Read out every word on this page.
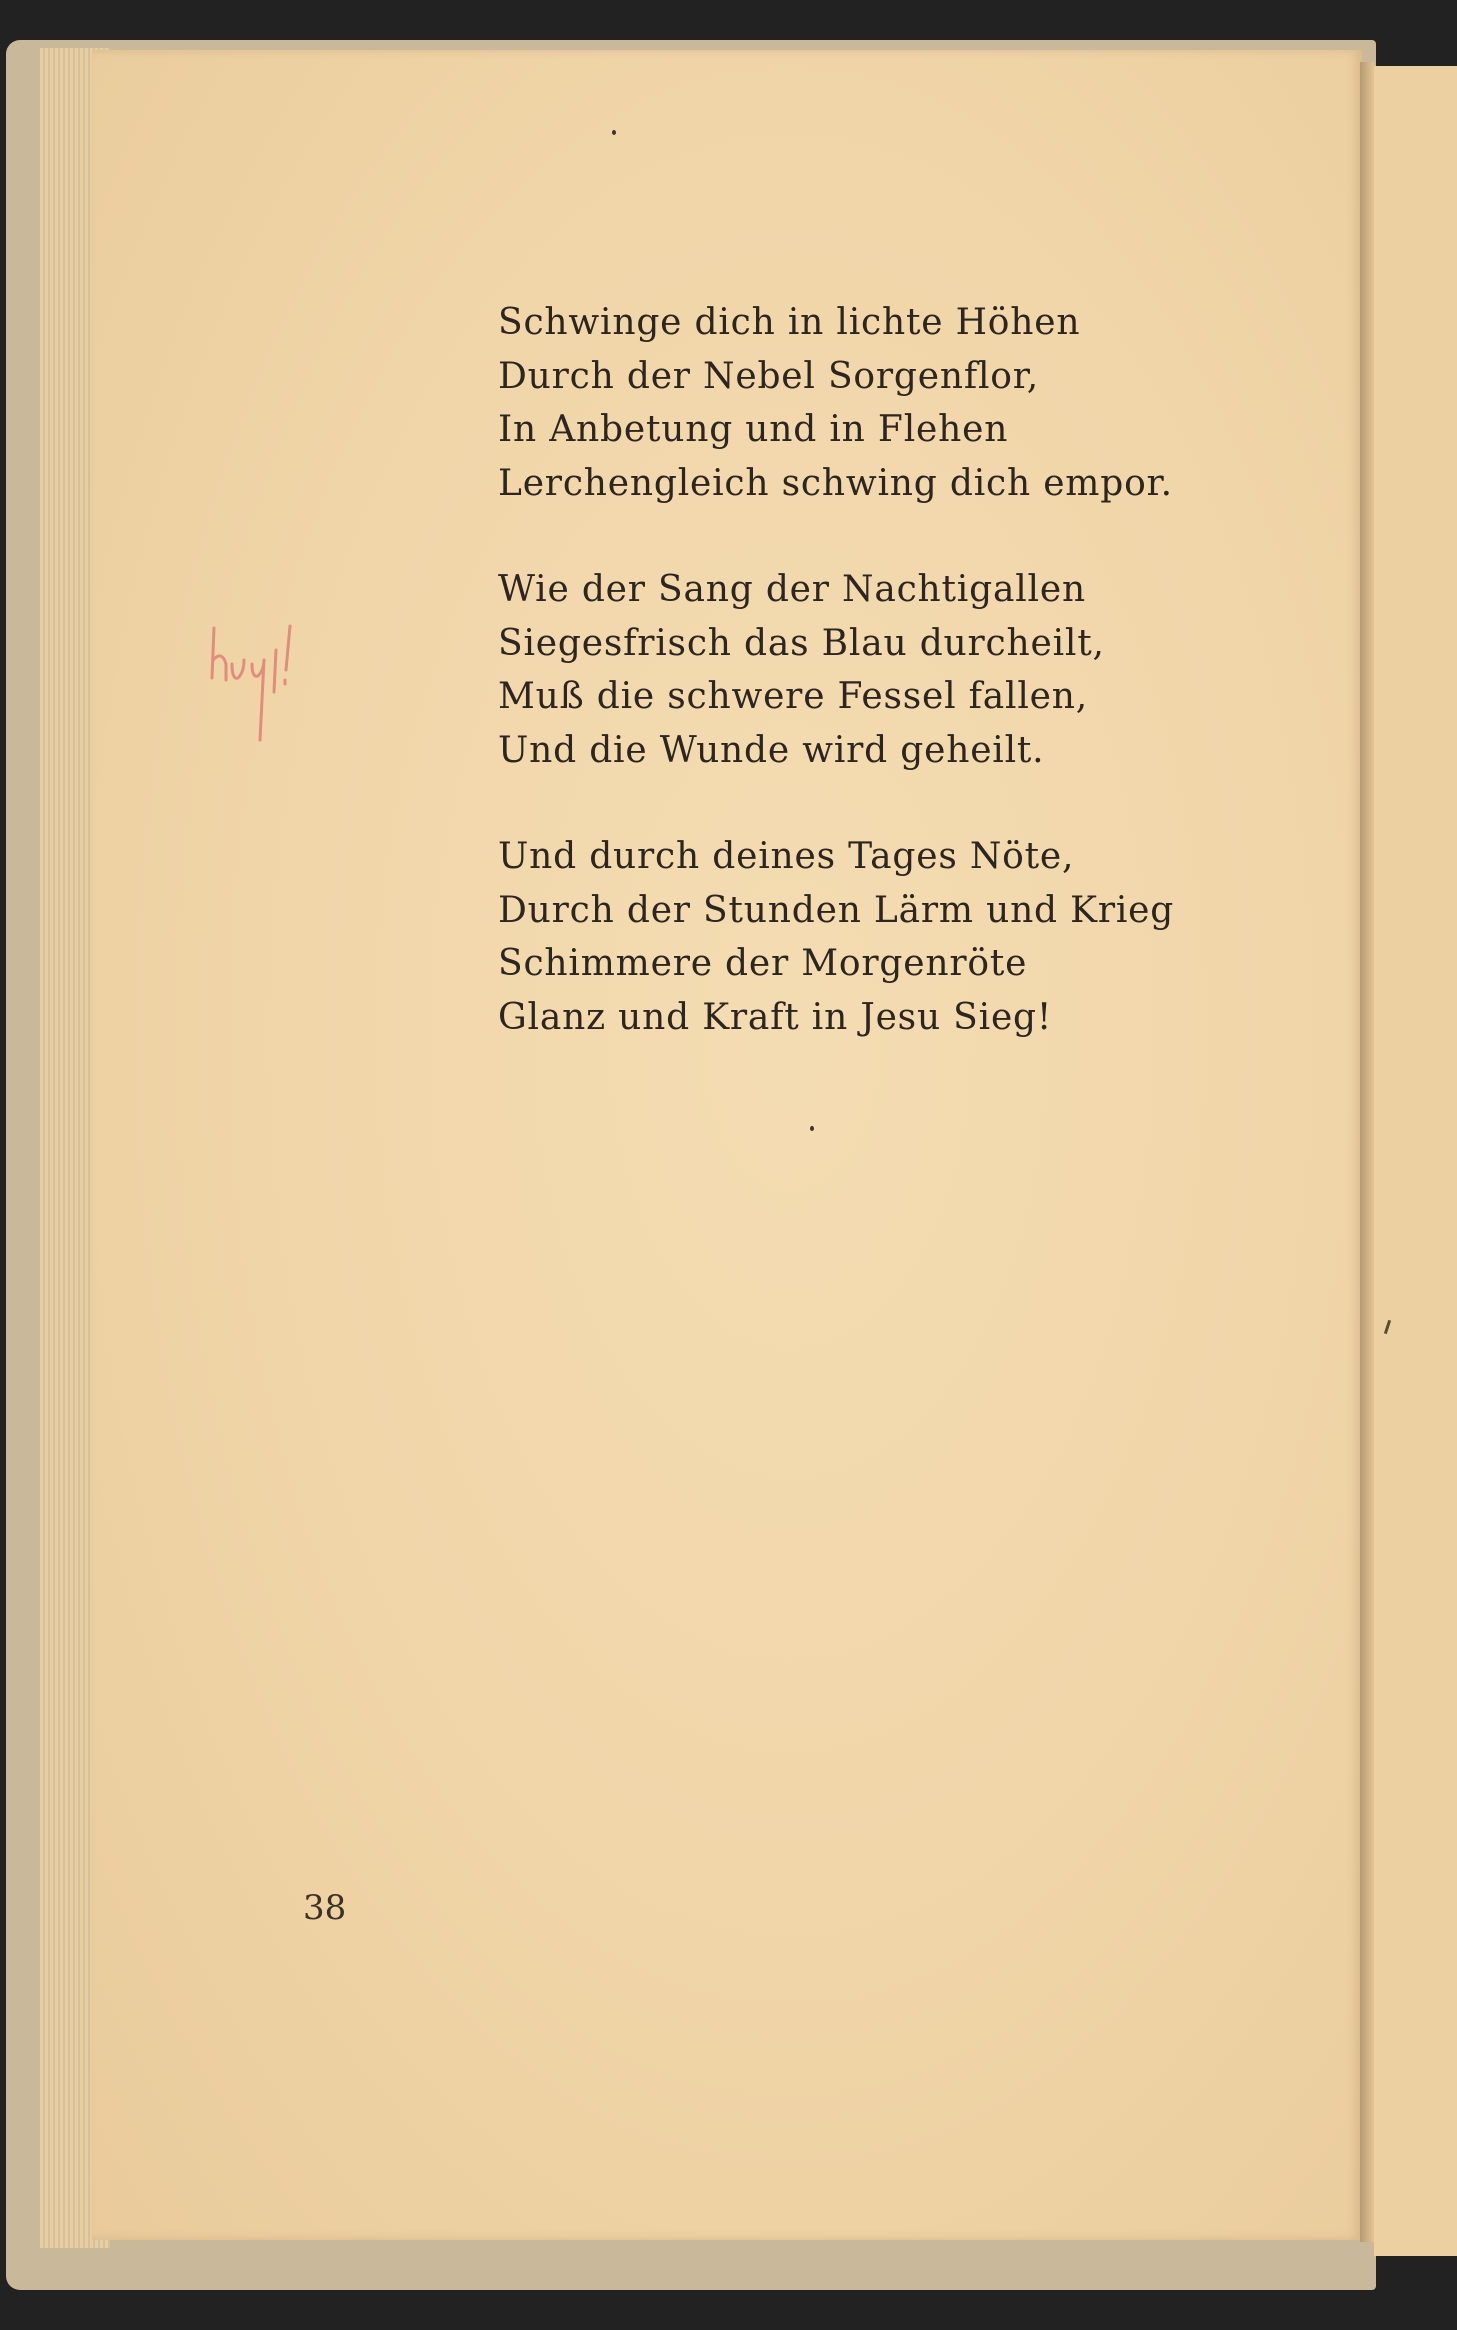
Schwinge dich in lichte Höhen
Durch der Nebel Sorgenflor,
In Anbetung und in Flehen
Lerchengleich schwing dich empor.
Wie der Sang der Nachtigallen
Siegesfrisch das Blau durcheilt,
Muß die schwere Fessel fallen,
Und die Wunde wird geheilt.
Und durch deines Tages Nöte,
Durch der Stunden Lärm und Krieg
Schimmere der Morgenröte
Glanz und Kraft in Jesu Sieg!
38
